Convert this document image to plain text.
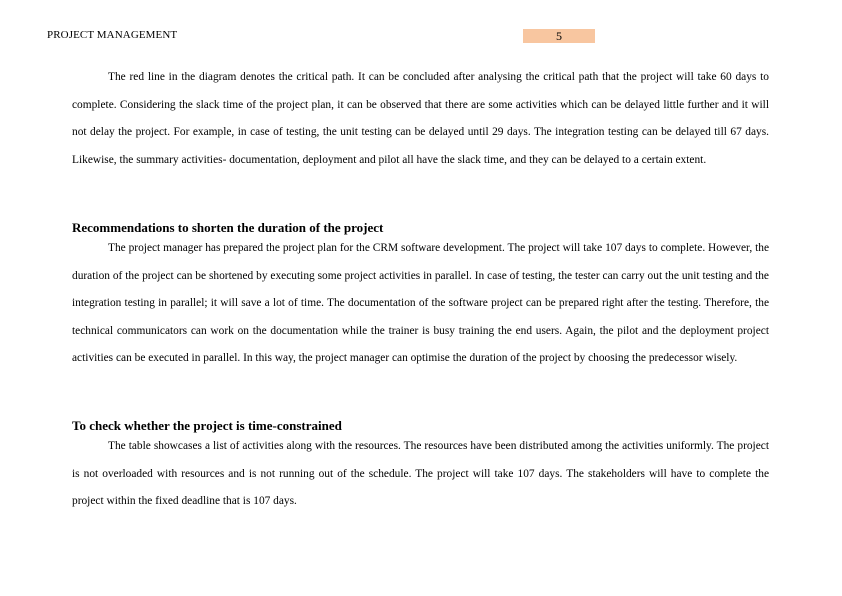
PROJECT MANAGEMENT	5

The red line in the diagram denotes the critical path. It can be concluded after analysing the critical path that the project will take 60 days to complete. Considering the slack time of the project plan, it can be observed that there are some activities which can be delayed little further and it will not delay the project. For example, in case of testing, the unit testing can be delayed until 29 days. The integration testing can be delayed till 67 days. Likewise, the summary activities- documentation, deployment and pilot all have the slack time, and they can be delayed to a certain extent.

Recommendations to shorten the duration of the project

The project manager has prepared the project plan for the CRM software development. The project will take 107 days to complete. However, the duration of the project can be shortened by executing some project activities in parallel. In case of testing, the tester can carry out the unit testing and the integration testing in parallel; it will save a lot of time. The documentation of the software project can be prepared right after the testing. Therefore, the technical communicators can work on the documentation while the trainer is busy training the end users. Again, the pilot and the deployment project activities can be executed in parallel. In this way, the project manager can optimise the duration of the project by choosing the predecessor wisely.

To check whether the project is time-constrained

The table showcases a list of activities along with the resources. The resources have been distributed among the activities uniformly. The project is not overloaded with resources and is not running out of the schedule. The project will take 107 days. The stakeholders will have to complete the project within the fixed deadline that is 107 days.
